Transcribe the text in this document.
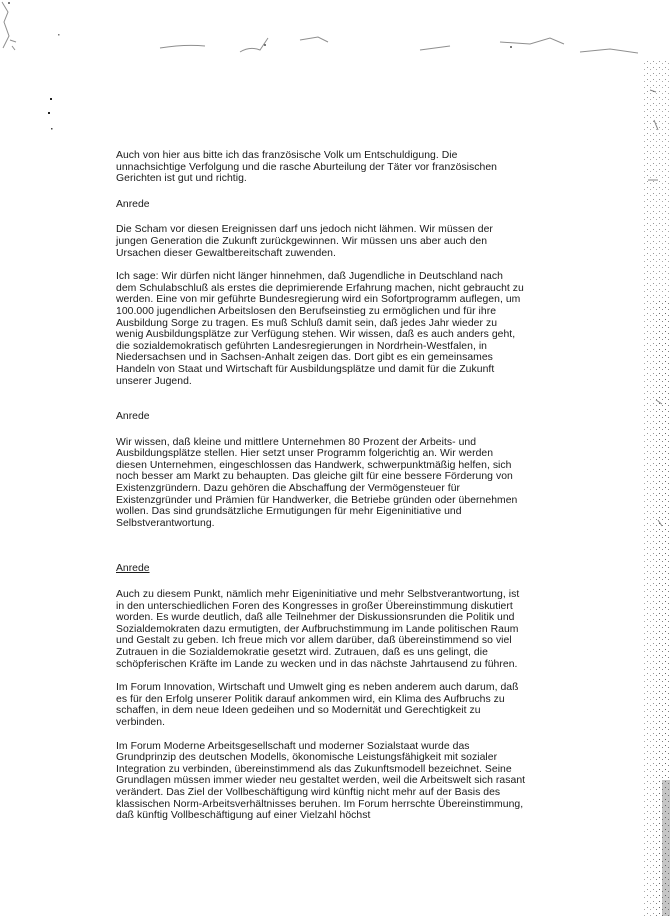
Auch von hier aus bitte ich das französische Volk um Entschuldigung. Die unnachsichtige Verfolgung und die rasche Aburteilung der Täter vor französischen Gerichten ist gut und richtig.

Anrede

Die Scham vor diesen Ereignissen darf uns jedoch nicht lähmen. Wir müssen der jungen Generation die Zukunft zurückgewinnen. Wir müssen uns aber auch den Ursachen dieser Gewaltbereitschaft zuwenden.

Ich sage: Wir dürfen nicht länger hinnehmen, daß Jugendliche in Deutschland nach dem Schulabschluß als erstes die deprimierende Erfahrung machen, nicht gebraucht zu werden. Eine von mir geführte Bundesregierung wird ein Sofortprogramm auflegen, um 100.000 jugendlichen Arbeitslosen den Berufseinstieg zu ermöglichen und für ihre Ausbildung Sorge zu tragen. Es muß Schluß damit sein, daß jedes Jahr wieder zu wenig Ausbildungsplätze zur Verfügung stehen. Wir wissen, daß es auch anders geht, die sozialdemokratisch geführten Landesregierungen in Nordrhein-Westfalen, in Niedersachsen und in Sachsen-Anhalt zeigen das. Dort gibt es ein gemeinsames Handeln von Staat und Wirtschaft für Ausbildungsplätze und damit für die Zukunft unserer Jugend.

Anrede

Wir wissen, daß kleine und mittlere Unternehmen 80 Prozent der Arbeits- und Ausbildungsplätze stellen. Hier setzt unser Programm folgerichtig an. Wir werden diesen Unternehmen, eingeschlossen das Handwerk, schwerpunktmäßig helfen, sich noch besser am Markt zu behaupten. Das gleiche gilt für eine bessere Förderung von Existenzgründern. Dazu gehören die Abschaffung der Vermögensteuer für Existenzgründer und Prämien für Handwerker, die Betriebe gründen oder übernehmen wollen. Das sind grundsätzliche Ermutigungen für mehr Eigeninitiative und Selbstverantwortung.

Anrede

Auch zu diesem Punkt, nämlich mehr Eigeninitiative und mehr Selbstverantwortung, ist in den unterschiedlichen Foren des Kongresses in großer Übereinstimmung diskutiert worden. Es wurde deutlich, daß alle Teilnehmer der Diskussionsrunden die Politik und Sozialdemokraten dazu ermutigten, der Aufbruchstimmung im Lande politischen Raum und Gestalt zu geben. Ich freue mich vor allem darüber, daß übereinstimmend so viel Zutrauen in die Sozialdemokratie gesetzt wird. Zutrauen, daß es uns gelingt, die schöpferischen Kräfte im Lande zu wecken und in das nächste Jahrtausend zu führen.

Im Forum Innovation, Wirtschaft und Umwelt ging es neben anderem auch darum, daß es für den Erfolg unserer Politik darauf ankommen wird, ein Klima des Aufbruchs zu schaffen, in dem neue Ideen gedeihen und so Modernität und Gerechtigkeit zu verbinden.

Im Forum Moderne Arbeitsgesellschaft und moderner Sozialstaat wurde das Grundprinzip des deutschen Modells, ökonomische Leistungsfähigkeit mit sozialer Integration zu verbinden, übereinstimmend als das Zukunftsmodell bezeichnet. Seine Grundlagen müssen immer wieder neu gestaltet werden, weil die Arbeitswelt sich rasant verändert. Das Ziel der Vollbeschäftigung wird künftig nicht mehr auf der Basis des klassischen Norm-Arbeitsverhältnisses beruhen. Im Forum herrschte Übereinstimmung, daß künftig Vollbeschäftigung auf einer Vielzahl höchst
